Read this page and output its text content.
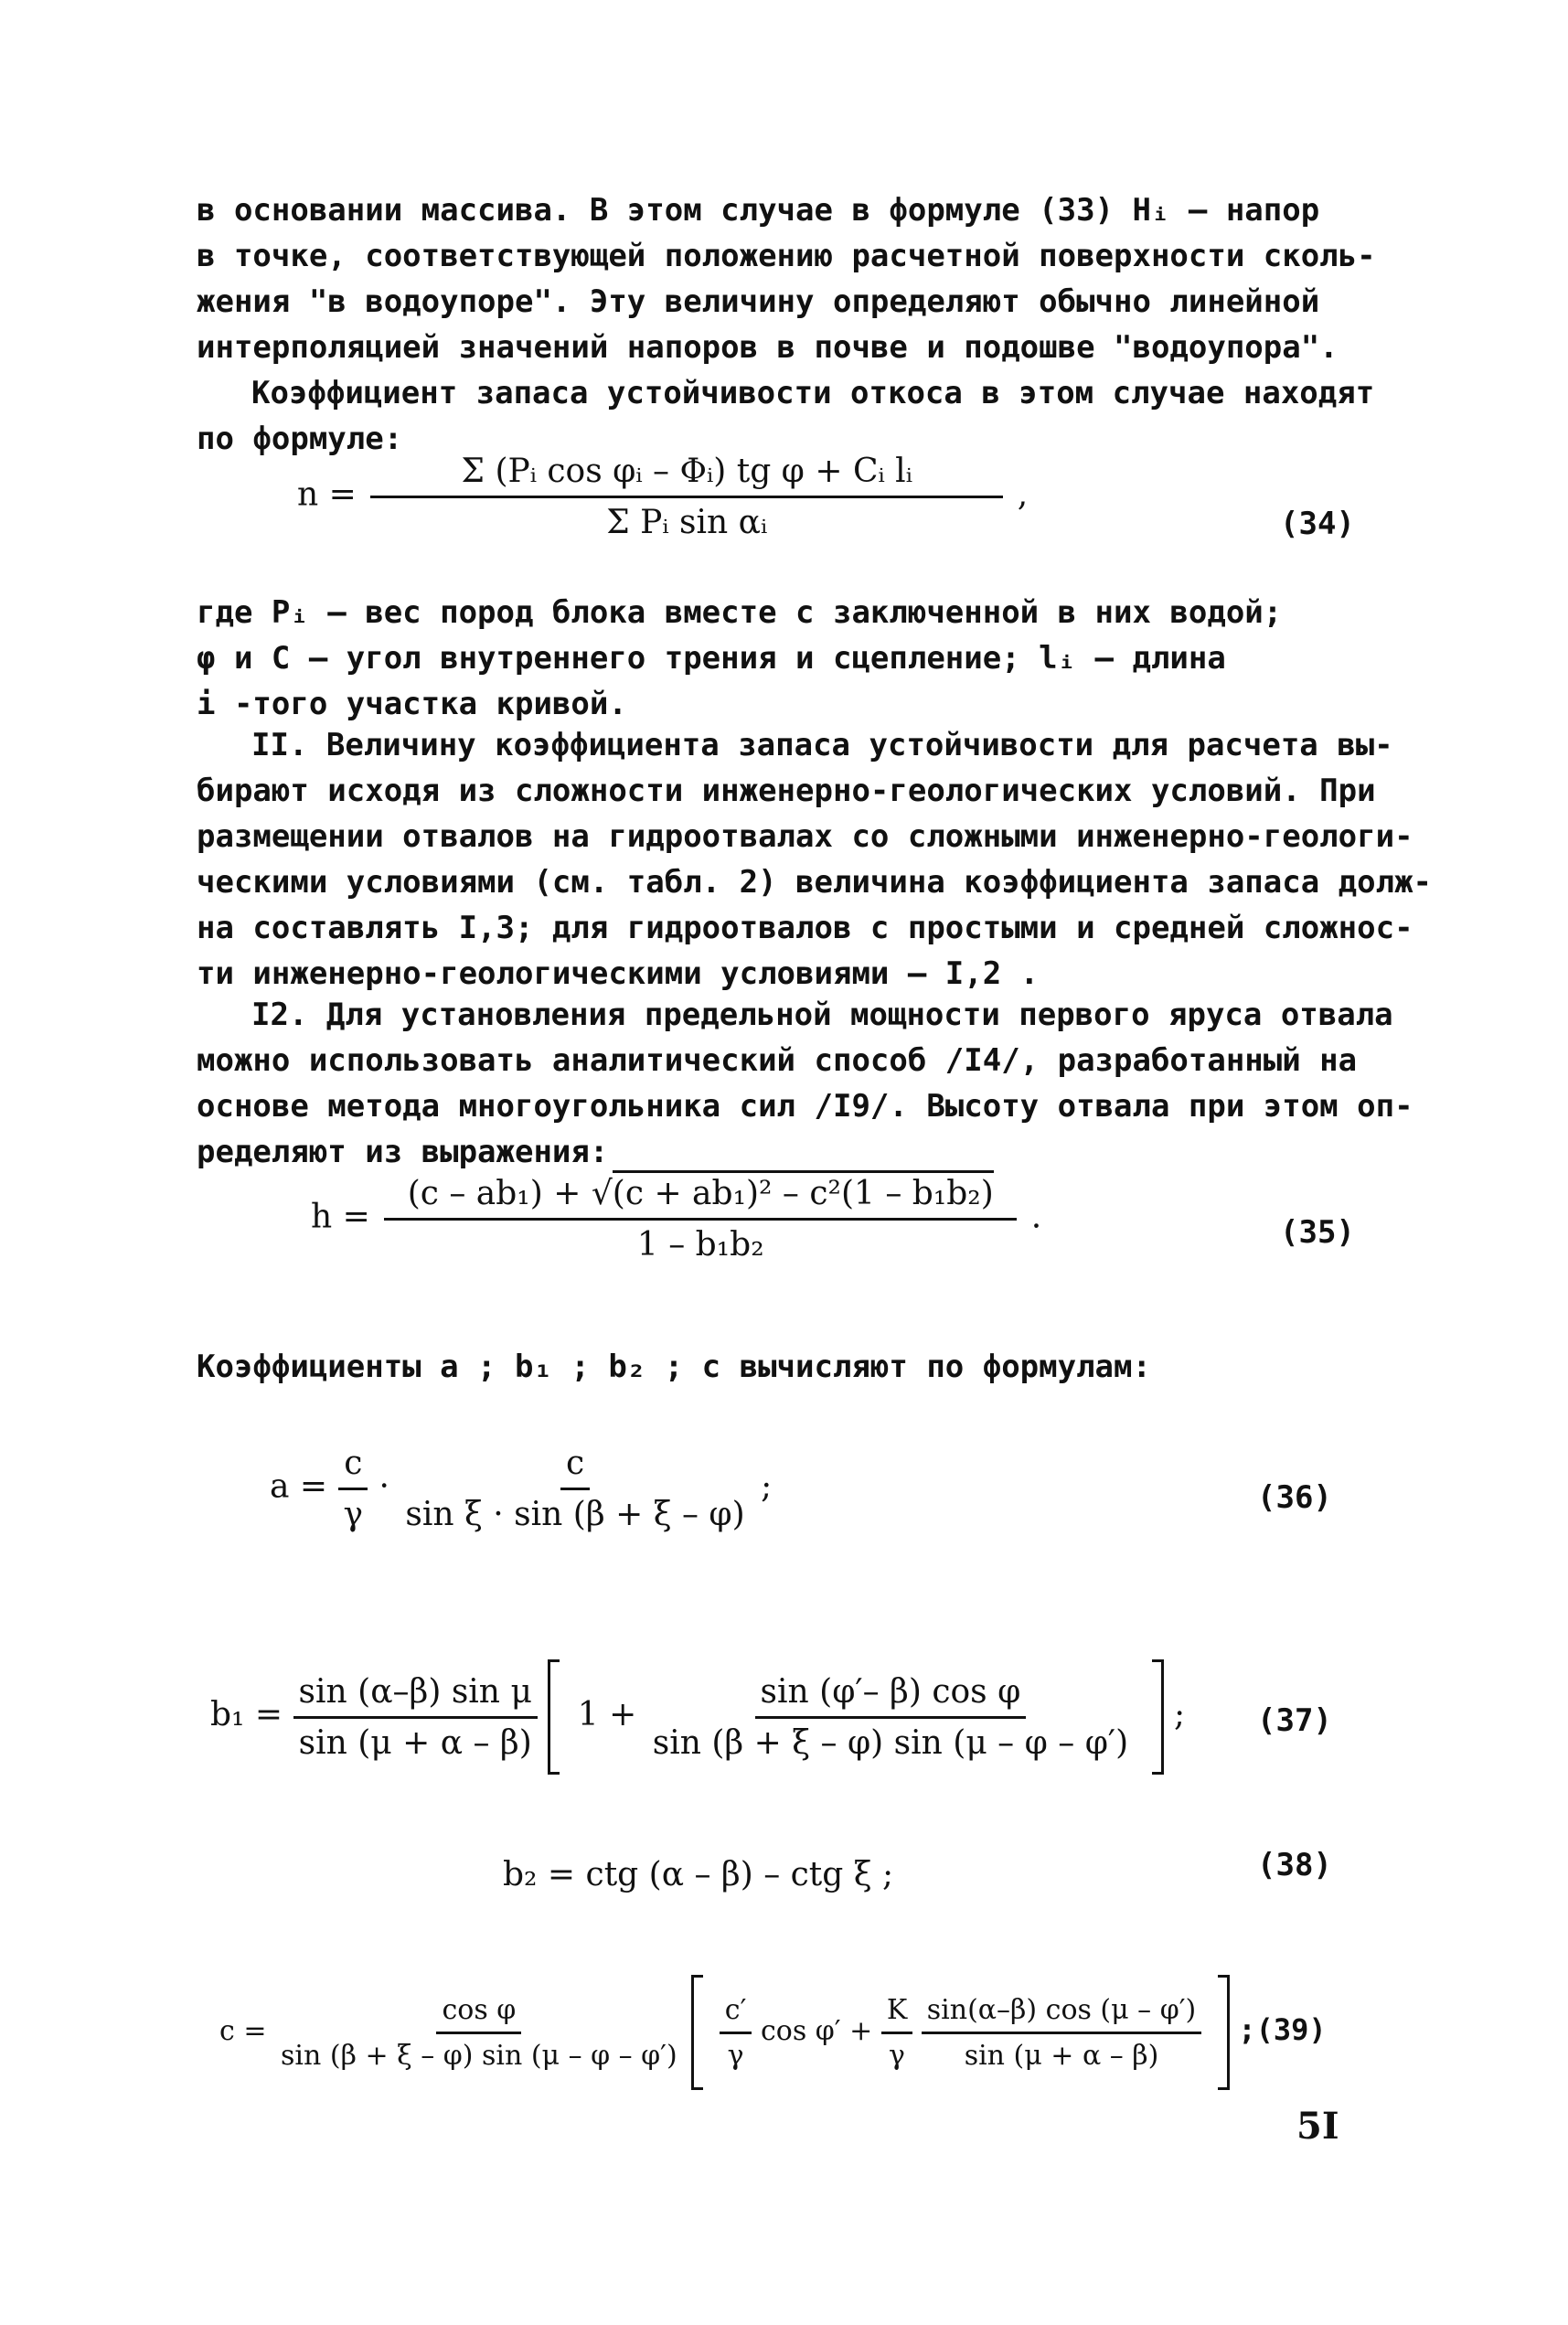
в основании массива. В этом случае в формуле (33) Hᵢ – напор
в точке, соответствующей положению расчетной поверхности сколь-
жения "в водоупоре". Эту величину определяют обычно линейной
интерполяцией значений напоров в почве и подошве "водоупора".
Коэффициент запаса устойчивости откоса в этом случае находят
по формуле:
$n = \frac{\text{Σ (Pᵢ cos φᵢ – Φᵢ) tg φ + Cᵢ lᵢ}}{\text{Σ Pᵢ sin αᵢ}}$ ,
(34)
где Pᵢ – вес пород блока вместе с заключенной в них водой;
φ и C – угол внутреннего трения и сцепление; lᵢ – длина
i -того участка кривой.
II. Величину коэффициента запаса устойчивости для расчета вы-
бирают исходя из сложности инженерно-геологических условий. При
размещении отвалов на гидроотвалах со сложными инженерно-геологи-
ческими условиями (см. табл. 2) величина коэффициента запаса долж-
на составлять I,3; для гидроотвалов с простыми и средней сложнос-
ти инженерно-геологическими условиями – I,2 .
I2. Для установления предельной мощности первого яруса отвала
можно использовать аналитический способ /I4/, разработанный на
основе метода многоугольника сил /I9/. Высоту отвала при этом оп-
ределяют из выражения:
$h = \frac{\text{(c – ab₁) + √(c + ab₁)² – c²(1 – b₁b₂)}}{\text{1 – b₁b₂}}$ .	(35)
Коэффициенты a ; b₁ ; b₂ ; c вычисляют по формулам:
$a = \frac{c}{\gamma} \cdot \frac{c}{\text{sin ξ · sin (β + ξ – φ)}}$ ;	(36)
$b_1 = \frac{\text{sin (α–β) sin μ}}{\sin (\mu + \alpha - \beta)} 1 + \frac{\text{sin (φ′– β) cos φ}}{\sin (\beta + \xi - \varphi) \sin (\mu - \varphi - \varphi')}$ ; (37)
b₂ = ctg (α – β) – ctg ξ ;	(38)
$c = \frac{\text{cos φ}}{\sin (\beta + \xi - \varphi) \sin (\mu - \varphi - \varphi')}$
$\frac{c'}{\gamma}$ $\cos \varphi' + \frac{K}{\gamma}$
$\frac{\sin(\alpha-\beta) \cos (\mu - \varphi')}{\sin (\mu + \alpha - \beta)}$ ;(39)
5I
